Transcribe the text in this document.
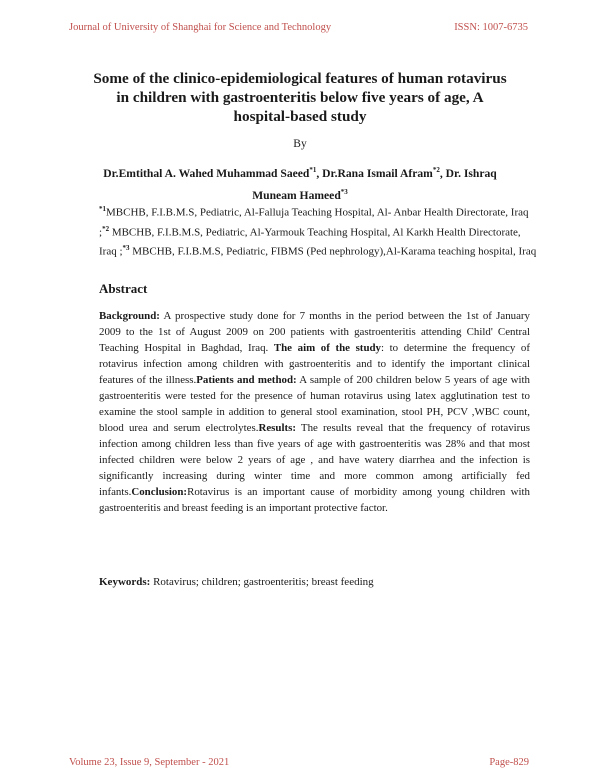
Journal of University of Shanghai for Science and Technology	ISSN: 1007-6735
Some of the clinico-epidemiological features of human rotavirus in children with gastroenteritis below five years of age, A hospital-based study
By
Dr.Emtithal A. Wahed Muhammad Saeed$^{*1}$, Dr.Rana Ismail Afram$^{*2}$, Dr. Ishraq Muneam Hameed$^{*3}$

$^{*1}$MBCHB, F.I.B.M.S, Pediatric, Al-Falluja Teaching Hospital, Al- Anbar Health Directorate, Iraq ;$^{*2}$ MBCHB, F.I.B.M.S, Pediatric, Al-Yarmouk Teaching Hospital, Al Karkh Health Directorate, Iraq ;$^{*3}$ MBCHB, F.I.B.M.S, Pediatric, FIBMS (Ped nephrology),Al-Karama teaching hospital, Iraq

Abstract

Background: A prospective study done for 7 months in the period between the 1st of January 2009 to the 1st of August 2009 on 200 patients with gastroenteritis attending Child' Central Teaching Hospital in Baghdad, Iraq. The aim of the study: to determine the frequency of rotavirus infection among children with gastroenteritis and to identify the important clinical features of the illness.Patients and method: A sample of 200 children below 5 years of age with gastroenteritis were tested for the presence of human rotavirus using latex agglutination test to examine the stool sample in addition to general stool examination, stool PH, PCV ,WBC count, blood urea and serum electrolytes.Results: The results reveal that the frequency of rotavirus infection among children less than five years of age with gastroenteritis was 28% and that most infected children were below 2 years of age , and have watery diarrhea and the infection is significantly increasing during winter time and more common among artificially fed infants.Conclusion:Rotavirus is an important cause of morbidity among young children with gastroenteritis and breast feeding is an important protective factor.

Keywords: Rotavirus; children; gastroenteritis; breast feeding

Volume 23, Issue 9, September - 2021	Page-829
